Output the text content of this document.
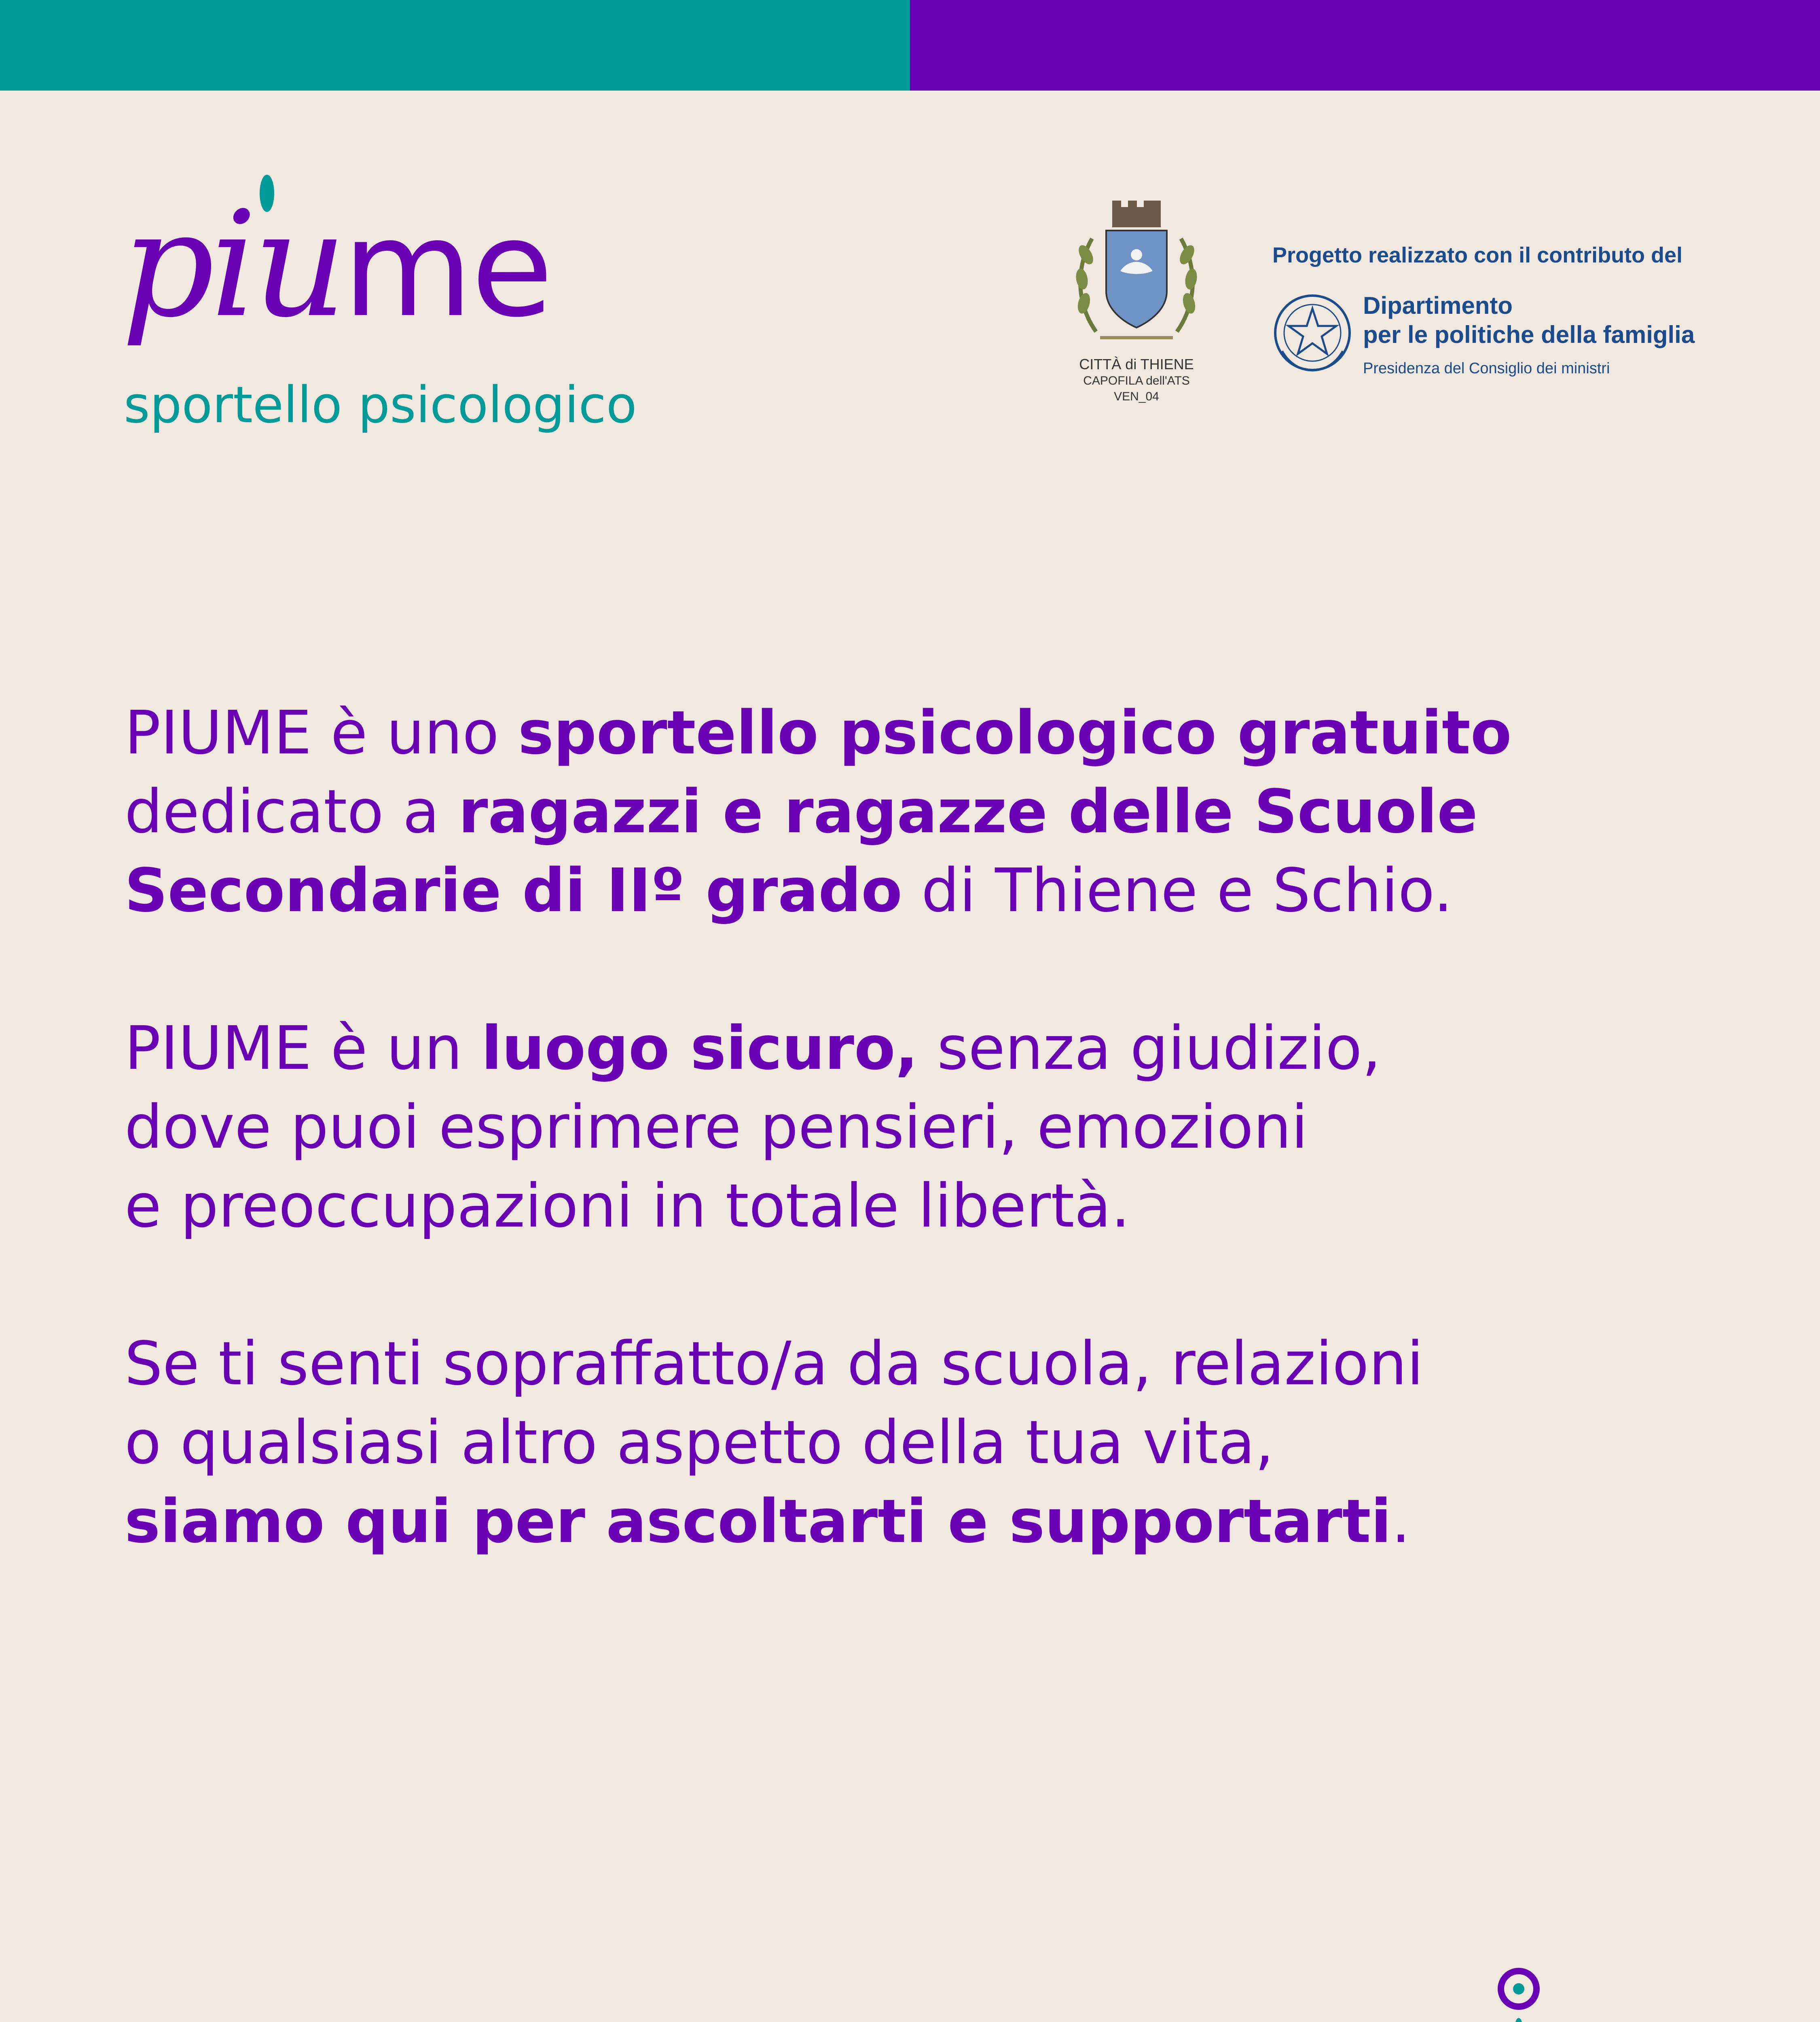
piume
sportello psicologico
CITTÀ di THIENE
CAPOFILA dell'ATS
VEN_04
Progetto realizzato con il contributo del
Dipartimento
per le politiche della famiglia
Presidenza del Consiglio dei ministri

PIUME è uno sportello psicologico gratuito
dedicato a ragazzi e ragazze delle Scuole
Secondarie di IIº grado di Thiene e Schio.

PIUME è un luogo sicuro, senza giudizio,
dove puoi esprimere pensieri, emozioni
e preoccupazioni in totale libertà.

Se ti senti sopraffatto/a da scuola, relazioni
o qualsiasi altro aspetto della tua vita,
siamo qui per ascoltarti e supportarti.
